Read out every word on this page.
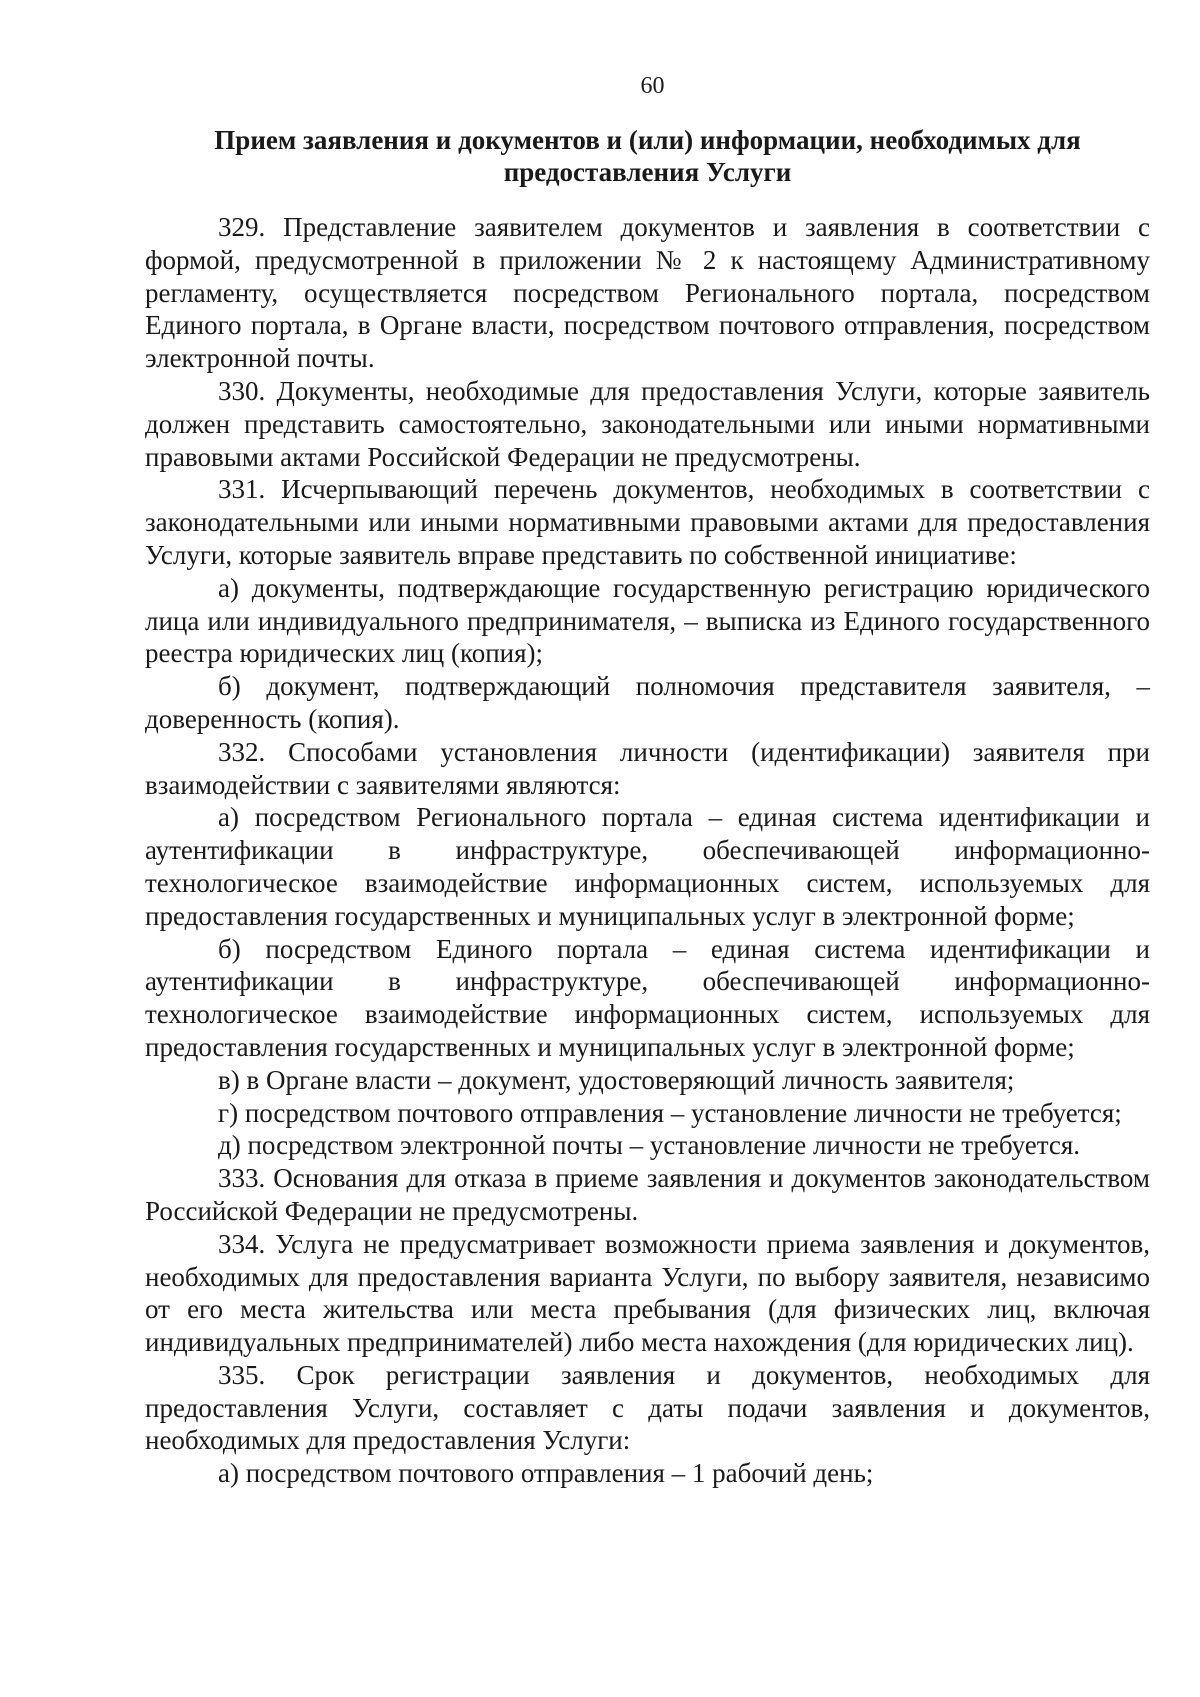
60
Прием заявления и документов и (или) информации, необходимых для предоставления Услуги

329. Представление заявителем документов и заявления в соответствии с формой, предусмотренной в приложении № 2 к настоящему Административному регламенту, осуществляется посредством Регионального портала, посредством Единого портала, в Органе власти, посредством почтового отправления, посредством электронной почты.

330. Документы, необходимые для предоставления Услуги, которые заявитель должен представить самостоятельно, законодательными или иными нормативными правовыми актами Российской Федерации не предусмотрены.

331. Исчерпывающий перечень документов, необходимых в соответствии с законодательными или иными нормативными правовыми актами для предоставления Услуги, которые заявитель вправе представить по собственной инициативе:

а) документы, подтверждающие государственную регистрацию юридического лица или индивидуального предпринимателя, – выписка из Единого государственного реестра юридических лиц (копия);

б) документ, подтверждающий полномочия представителя заявителя, – доверенность (копия).

332. Способами установления личности (идентификации) заявителя при взаимодействии с заявителями являются:

а) посредством Регионального портала – единая система идентификации и аутентификации в инфраструктуре, обеспечивающей информационно-технологическое взаимодействие информационных систем, используемых для предоставления государственных и муниципальных услуг в электронной форме;

б) посредством Единого портала – единая система идентификации и аутентификации в инфраструктуре, обеспечивающей информационно-технологическое взаимодействие информационных систем, используемых для предоставления государственных и муниципальных услуг в электронной форме;

в) в Органе власти – документ, удостоверяющий личность заявителя;

г) посредством почтового отправления – установление личности не требуется;

д) посредством электронной почты – установление личности не требуется.

333. Основания для отказа в приеме заявления и документов законодательством Российской Федерации не предусмотрены.

334. Услуга не предусматривает возможности приема заявления и документов, необходимых для предоставления варианта Услуги, по выбору заявителя, независимо от его места жительства или места пребывания (для физических лиц, включая индивидуальных предпринимателей) либо места нахождения (для юридических лиц).

335. Срок регистрации заявления и документов, необходимых для предоставления Услуги, составляет с даты подачи заявления и документов, необходимых для предоставления Услуги:

а) посредством почтового отправления – 1 рабочий день;
